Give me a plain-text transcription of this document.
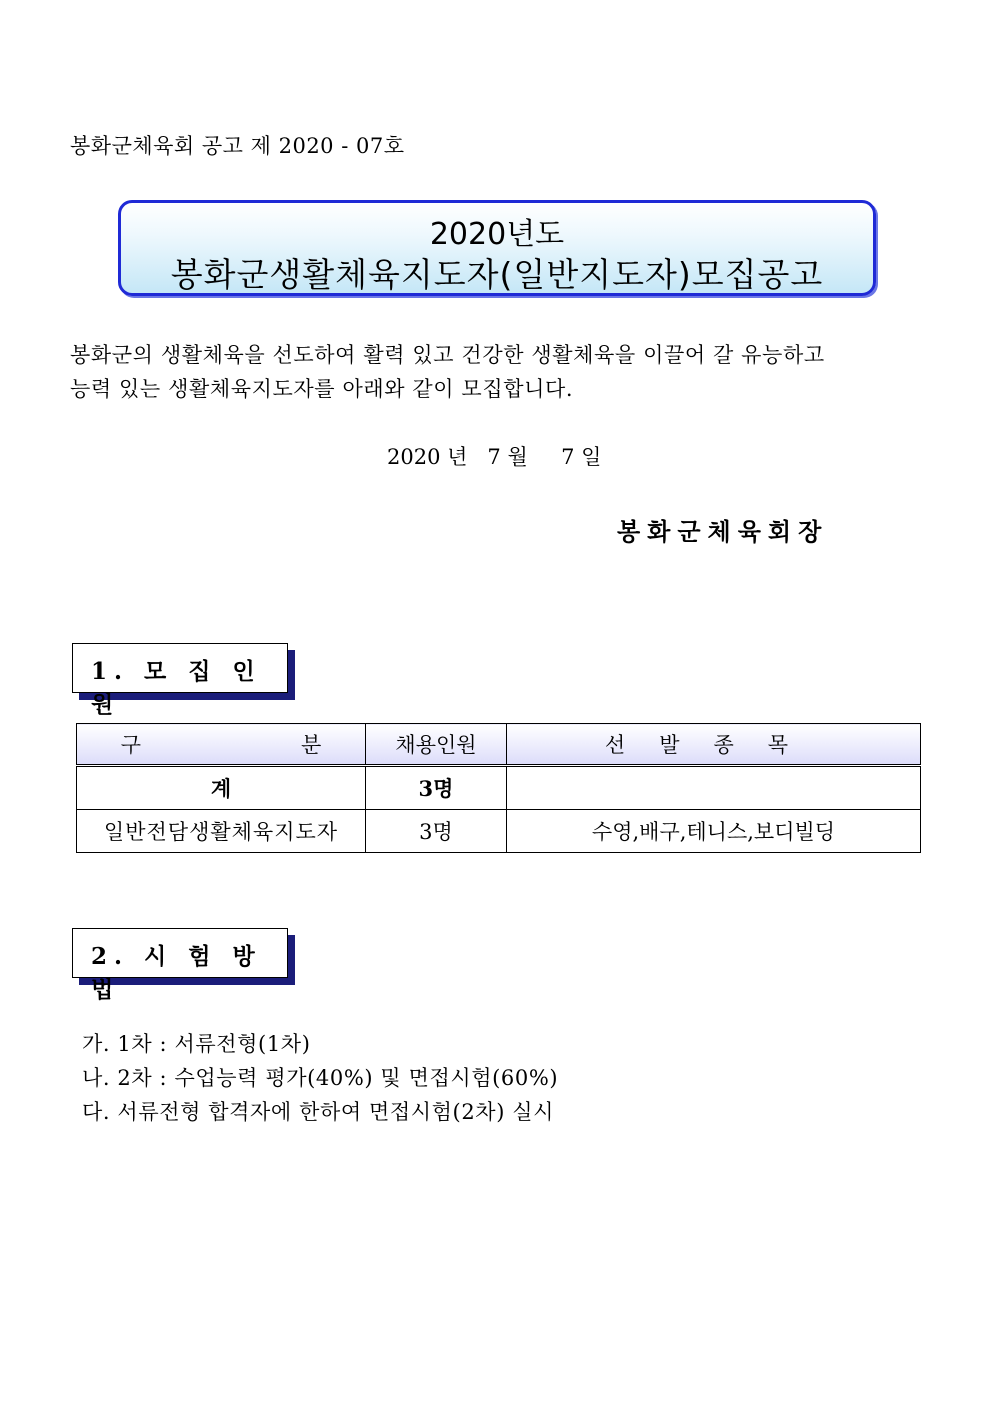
봉화군체육회 공고 제 2020 - 07호
2020년도
봉화군생활체육지도자(일반지도자)모집공고

봉화군의 생활체육을 선도하여 활력 있고 건강한 생활체육을 이끌어 갈 유능하고

능력 있는 생활체육지도자를 아래와 같이 모집합니다.

2020 년   7 월     7 일
봉화군체육회장
1. 모 집 인 원
구 분	채용인원	선발종목
계	3명	
일반전담생활체육지도자	3명	수영,배구,테니스,보디빌딩
2. 시 험 방 법

가. 1차 : 서류전형(1차)

나. 2차 : 수업능력 평가(40%) 및 면접시험(60%)

다. 서류전형 합격자에 한하여 면접시험(2차) 실시
